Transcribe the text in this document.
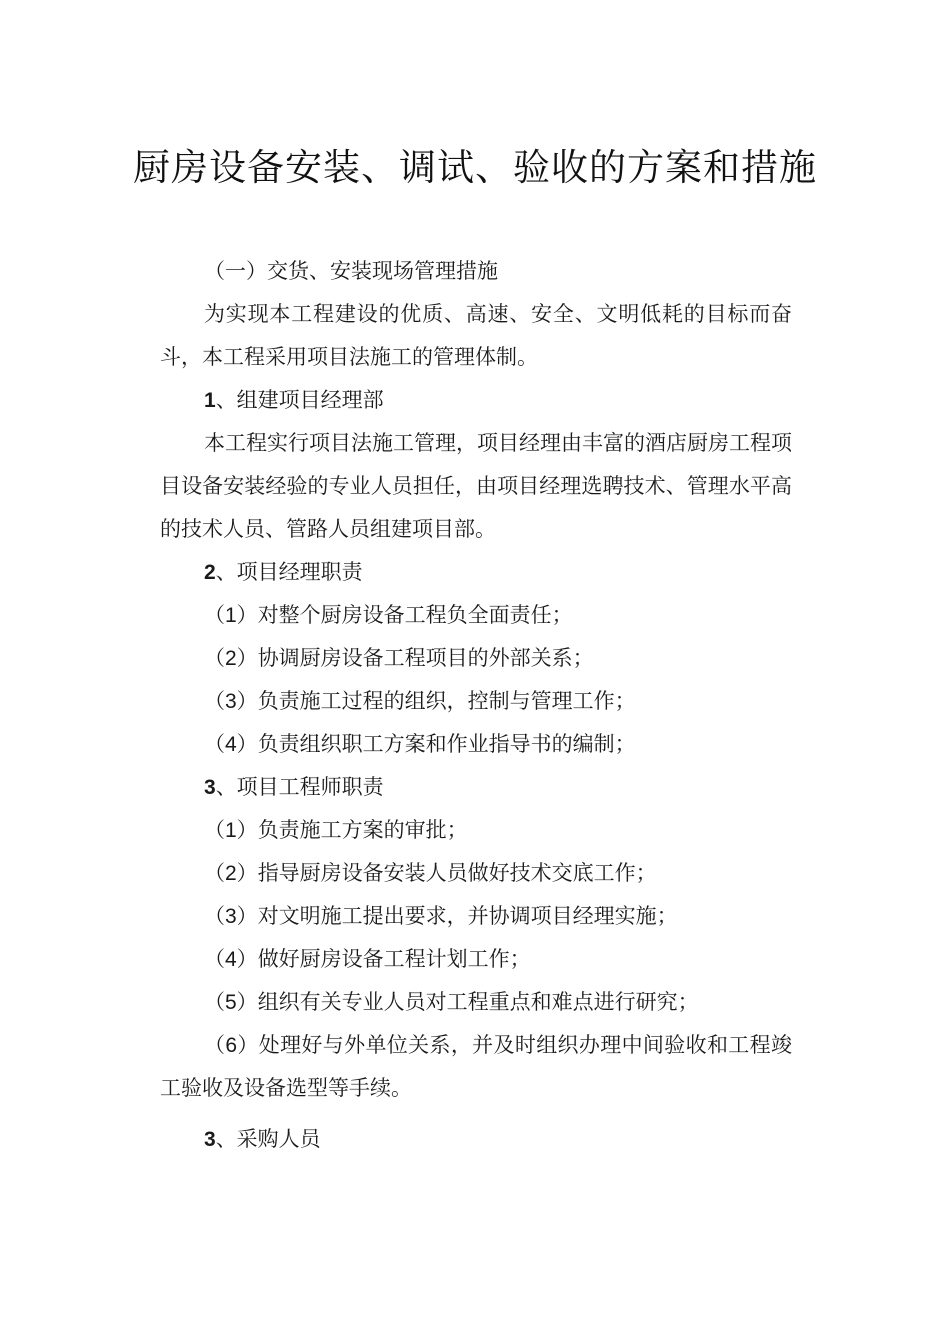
厨房设备安装、调试、验收的方案和措施

（一）交货、安装现场管理措施

为实现本工程建设的优质、高速、安全、文明低耗的目标而奋斗，本工程采用项目法施工的管理体制。

1、组建项目经理部

本工程实行项目法施工管理，项目经理由丰富的酒店厨房工程项目设备安装经验的专业人员担任，由项目经理选聘技术、管理水平高的技术人员、管路人员组建项目部。

2、项目经理职责

（1）对整个厨房设备工程负全面责任；

（2）协调厨房设备工程项目的外部关系；

（3）负责施工过程的组织，控制与管理工作；

（4）负责组织职工方案和作业指导书的编制；

3、项目工程师职责

（1）负责施工方案的审批；

（2）指导厨房设备安装人员做好技术交底工作；

（3）对文明施工提出要求，并协调项目经理实施；

（4）做好厨房设备工程计划工作；

（5）组织有关专业人员对工程重点和难点进行研究；

（6）处理好与外单位关系，并及时组织办理中间验收和工程竣工验收及设备选型等手续。

3、采购人员
